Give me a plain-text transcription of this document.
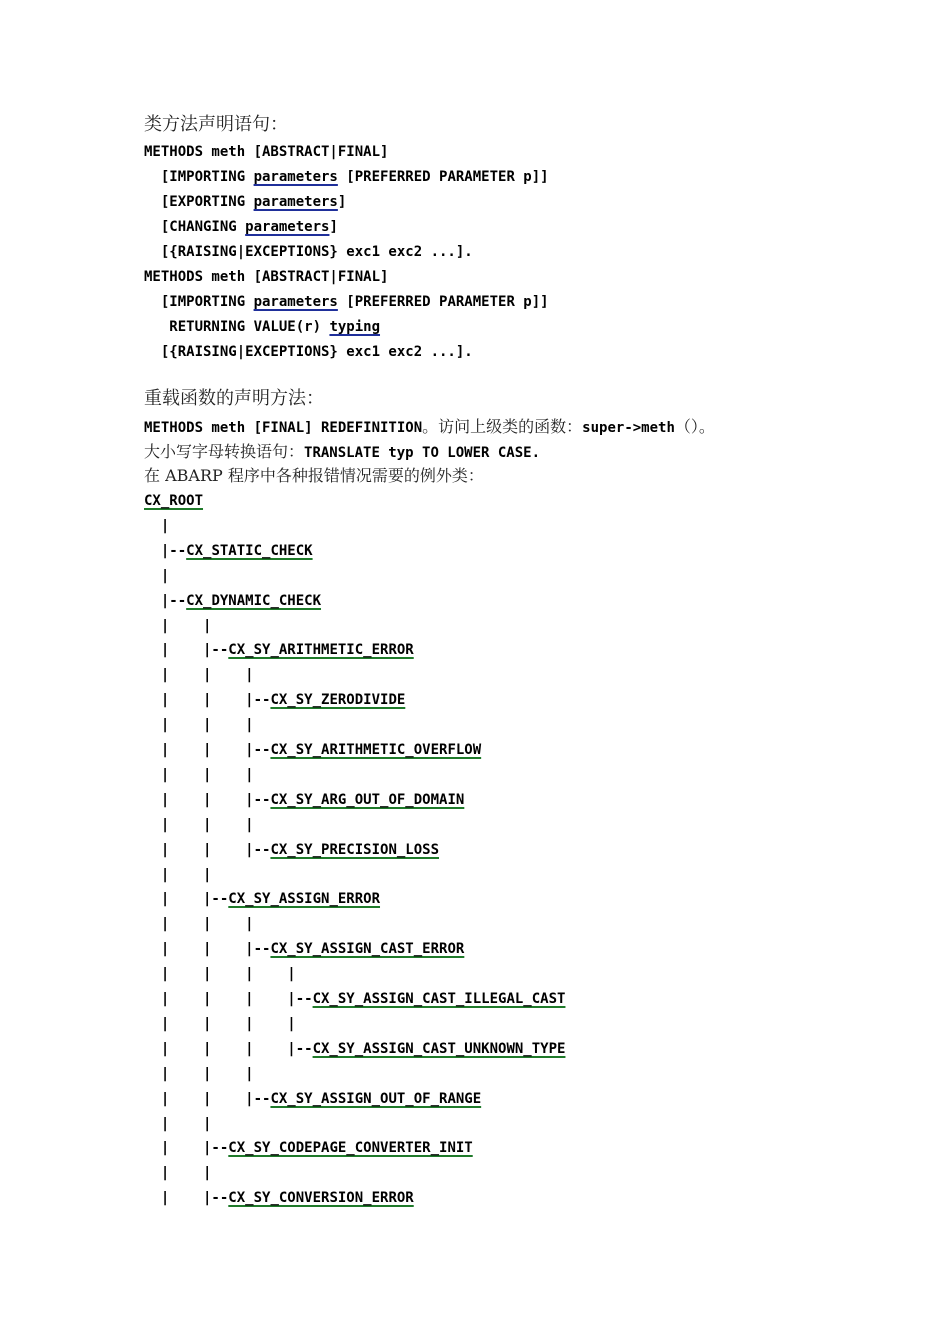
类方法声明语句：
METHODS meth [ABSTRACT|FINAL]
[IMPORTING parameters [PREFERRED PARAMETER p]]
[EXPORTING parameters]
[CHANGING parameters]
[{RAISING|EXCEPTIONS} exc1 exc2 ...].
METHODS meth [ABSTRACT|FINAL]
[IMPORTING parameters [PREFERRED PARAMETER p]]
RETURNING VALUE(r) typing
[{RAISING|EXCEPTIONS} exc1 exc2 ...].
重载函数的声明方法：
METHODS meth [FINAL] REDEFINITION。访问上级类的函数：super->meth（）。
大小写字母转换语句：TRANSLATE typ TO LOWER CASE.
在 ABARP 程序中各种报错情况需要的例外类：
CX_ROOT
|
|--CX_STATIC_CHECK
|
|--CX_DYNAMIC_CHECK
|    |
|    |--CX_SY_ARITHMETIC_ERROR
|    |    |
|    |    |--CX_SY_ZERODIVIDE
|    |    |
|    |    |--CX_SY_ARITHMETIC_OVERFLOW
|    |    |
|    |    |--CX_SY_ARG_OUT_OF_DOMAIN
|    |    |
|    |    |--CX_SY_PRECISION_LOSS
|    |
|    |--CX_SY_ASSIGN_ERROR
|    |    |
|    |    |--CX_SY_ASSIGN_CAST_ERROR
|    |    |    |
|    |    |    |--CX_SY_ASSIGN_CAST_ILLEGAL_CAST
|    |    |    |
|    |    |    |--CX_SY_ASSIGN_CAST_UNKNOWN_TYPE
|    |    |
|    |    |--CX_SY_ASSIGN_OUT_OF_RANGE
|    |
|    |--CX_SY_CODEPAGE_CONVERTER_INIT
|    |
|    |--CX_SY_CONVERSION_ERROR
